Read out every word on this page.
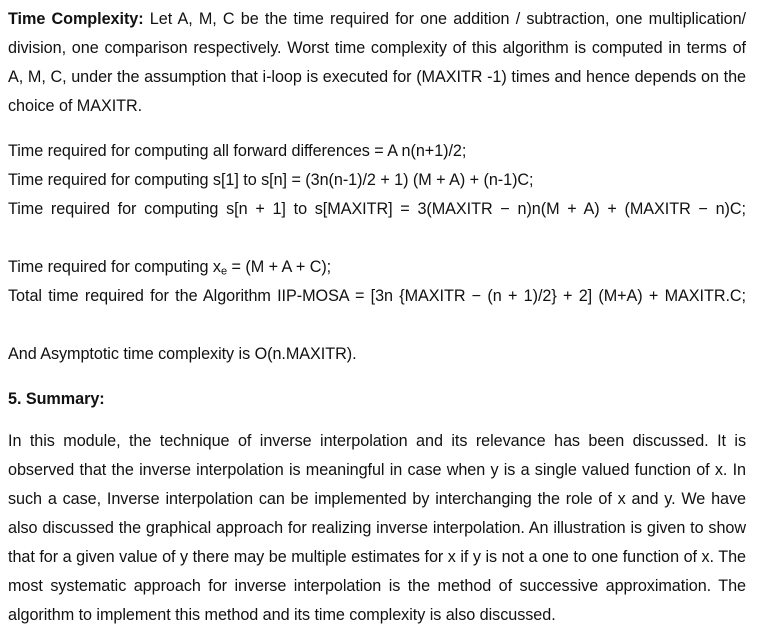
Time Complexity: Let A, M, C be the time required for one addition / subtraction, one multiplication/ division, one comparison respectively. Worst time complexity of this algorithm is computed in terms of A, M, C, under the assumption that i-loop is executed for (MAXITR -1) times and hence depends on the choice of MAXITR.

Time required for computing all forward differences = A n(n+1)/2;
Time required for computing s[1] to s[n] = (3n(n-1)/2 + 1) (M + A) + (n-1)C;
Time required for computing s[n + 1] to s[MAXITR] = 3(MAXITR − n)n(M + A) + (MAXITR − n)C;
Time required for computing $x_e = (M + A + C)$;
Total time required for the Algorithm IIP-MOSA = [3n {MAXITR − (n + 1)/2} + 2] (M+A) + MAXITR.C;
And Asymptotic time complexity is O(n.MAXITR).
5. Summary:

In this module, the technique of inverse interpolation and its relevance has been discussed. It is observed that the inverse interpolation is meaningful in case when y is a single valued function of x. In such a case, Inverse interpolation can be implemented by interchanging the role of x and y. We have also discussed the graphical approach for realizing inverse interpolation. An illustration is given to show that for a given value of y there may be multiple estimates for x if y is not a one to one function of x. The most systematic approach for inverse interpolation is the method of successive approximation. The algorithm to implement this method and its time complexity is also discussed.
